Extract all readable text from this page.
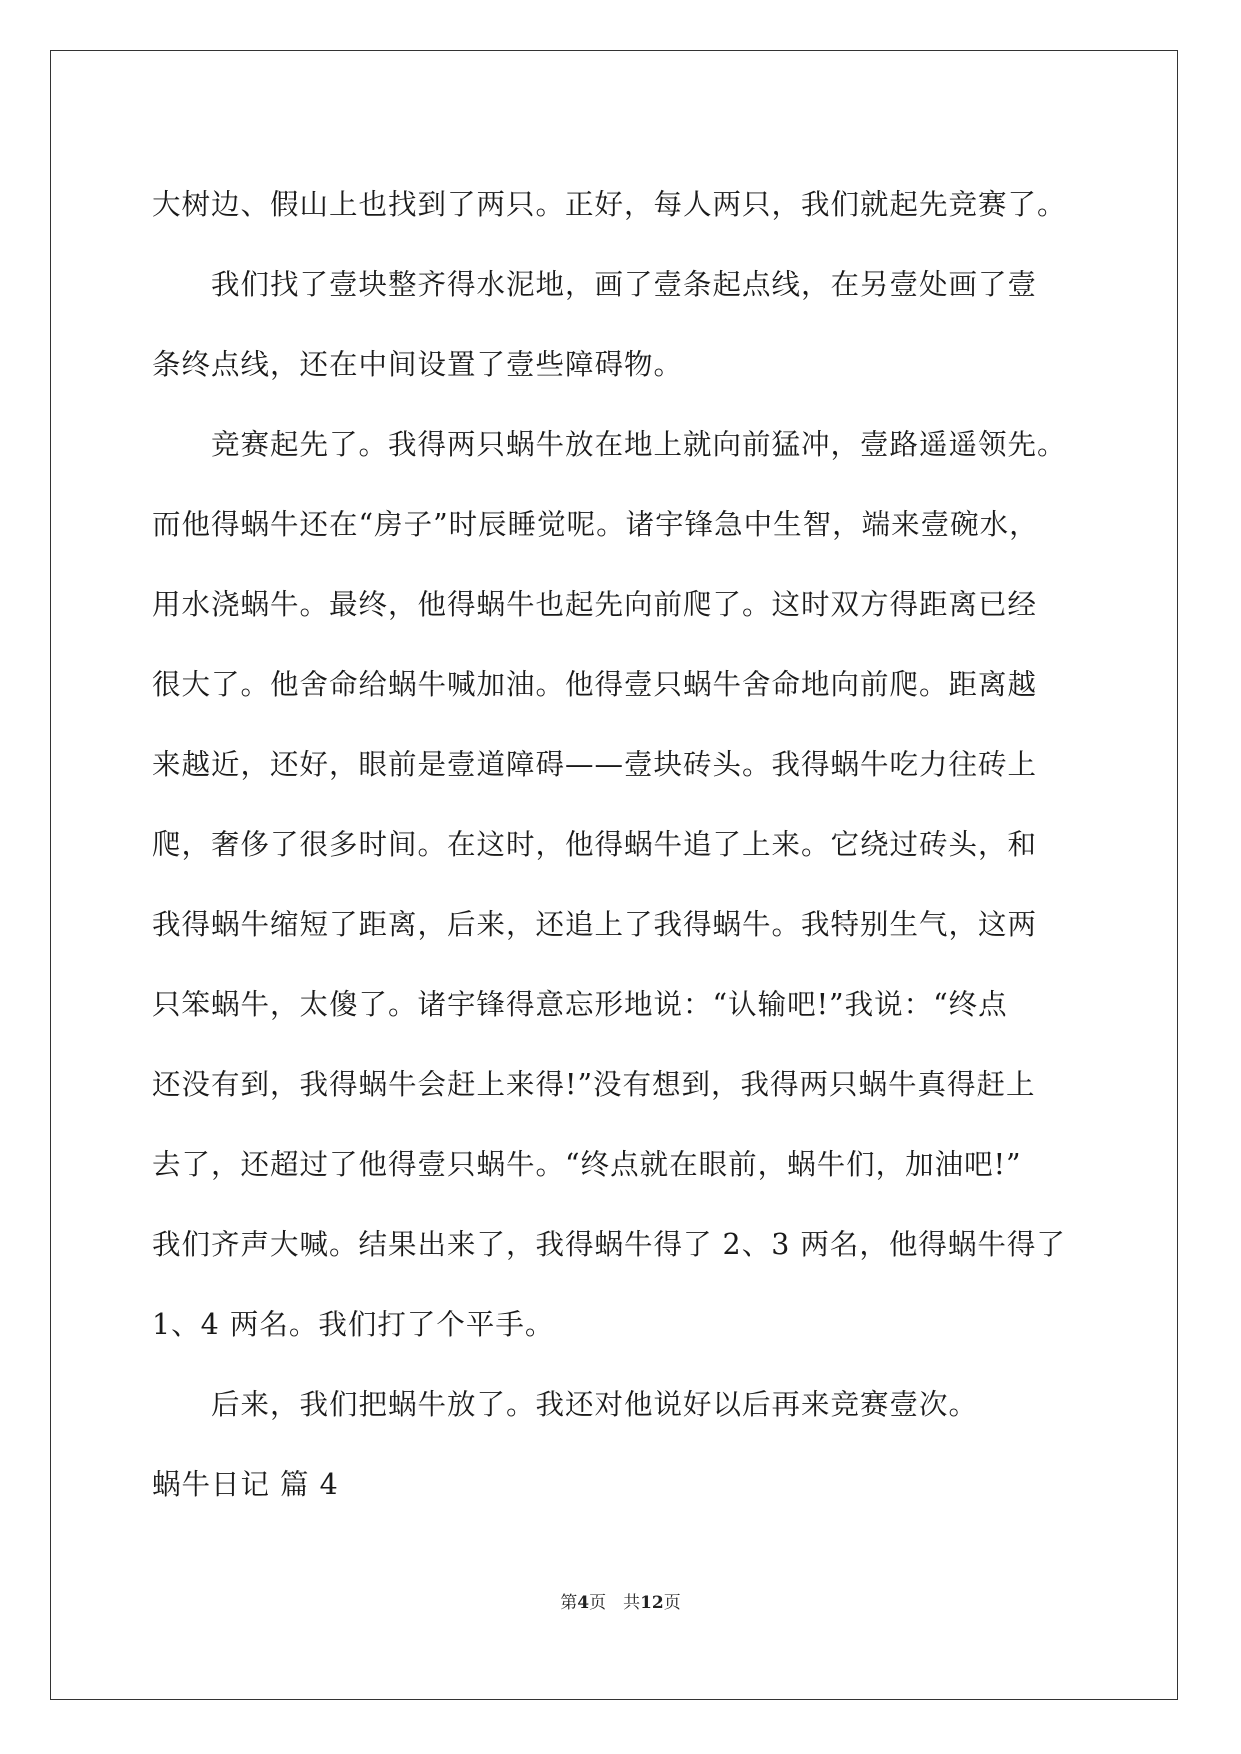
大树边、假山上也找到了两只。正好，每人两只，我们就起先竞赛了。

　　我们找了壹块整齐得水泥地，画了壹条起点线，在另壹处画了壹

条终点线，还在中间设置了壹些障碍物。

　　竞赛起先了。我得两只蜗牛放在地上就向前猛冲，壹路遥遥领先。

而他得蜗牛还在“房子”时辰睡觉呢。诸宇锋急中生智，端来壹碗水，

用水浇蜗牛。最终，他得蜗牛也起先向前爬了。这时双方得距离已经

很大了。他舍命给蜗牛喊加油。他得壹只蜗牛舍命地向前爬。距离越

来越近，还好，眼前是壹道障碍——壹块砖头。我得蜗牛吃力往砖上

爬，奢侈了很多时间。在这时，他得蜗牛追了上来。它绕过砖头，和

我得蜗牛缩短了距离，后来，还追上了我得蜗牛。我特别生气，这两

只笨蜗牛，太傻了。诸宇锋得意忘形地说：“认输吧!”我说：“终点

还没有到，我得蜗牛会赶上来得!”没有想到，我得两只蜗牛真得赶上

去了，还超过了他得壹只蜗牛。“终点就在眼前，蜗牛们，加油吧!”

我们齐声大喊。结果出来了，我得蜗牛得了 2、3 两名，他得蜗牛得了

1、4 两名。我们打了个平手。

　　后来，我们把蜗牛放了。我还对他说好以后再来竞赛壹次。

蜗牛日记 篇 4
第4页　共12页
